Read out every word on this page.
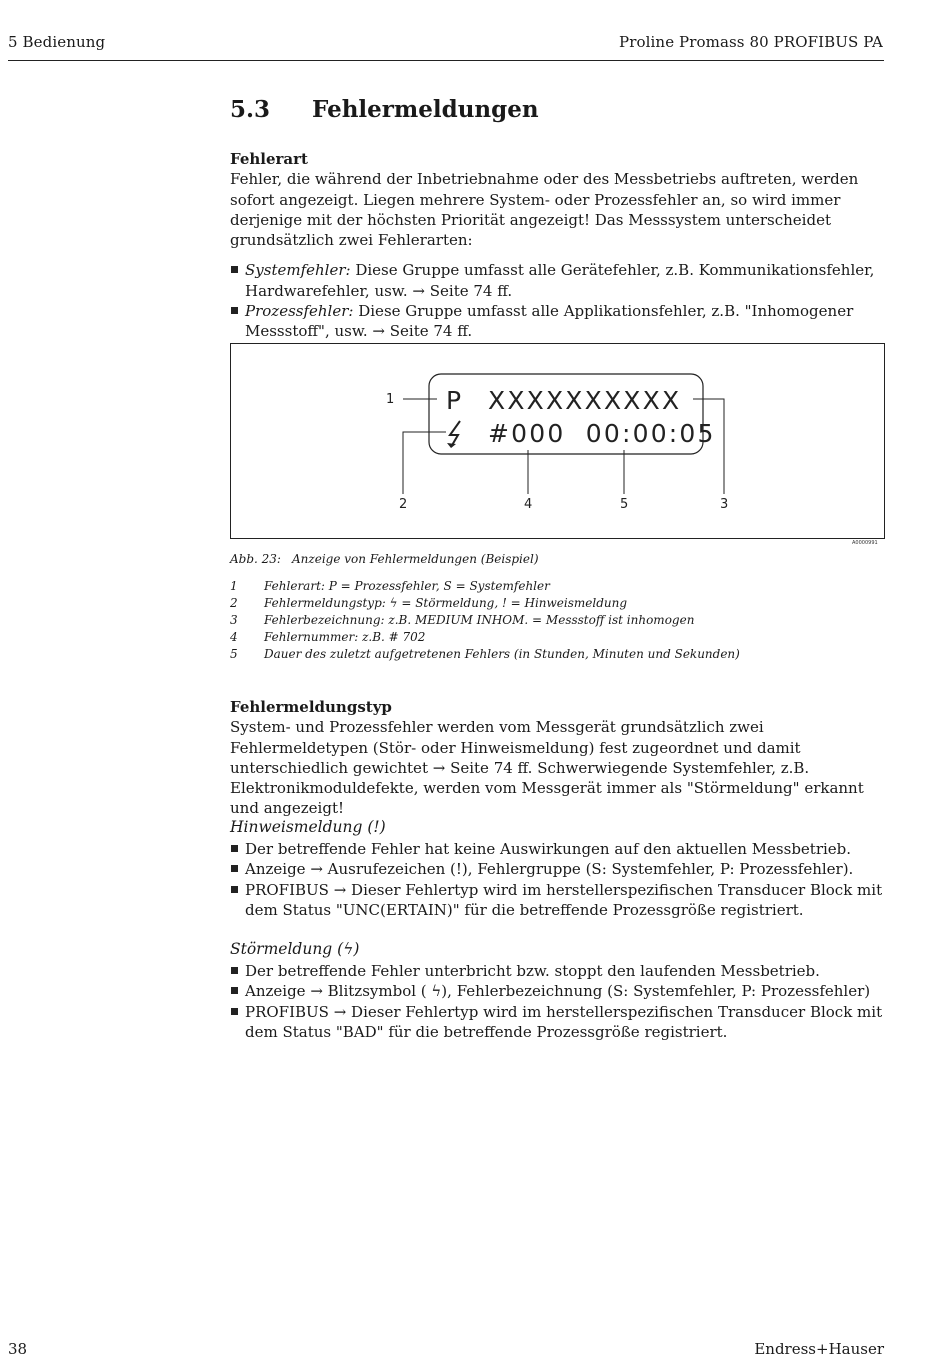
5 Bedienung	Proline Promass 80 PROFIBUS PA
5.3 Fehlermeldungen
Fehlerart
Fehler, die während der Inbetriebnahme oder des Messbetriebs auftreten, werden sofort angezeigt. Liegen mehrere System- oder Prozessfehler an, so wird immer derjenige mit der höchsten Priorität angezeigt! Das Messsystem unterscheidet grundsätzlich zwei Fehlerarten:
Systemfehler: Diese Gruppe umfasst alle Gerätefehler, z.B. Kommunikationsfehler, Hardwarefehler, usw. → Seite 74 ff.
Prozessfehler: Diese Gruppe umfasst alle Applikationsfehler, z.B. "Inhomogener Messstoff", usw. → Seite 74 ff.
P XXXXXXXXXX
#000  00:00:05
1
2	4	5	3
A0000991
Abb. 23: Anzeige von Fehlermeldungen (Beispiel)
1 Fehlerart: P = Prozessfehler, S = Systemfehler
2 Fehlermeldungstyp: ϟ = Störmeldung, ! = Hinweismeldung
3 Fehlerbezeichnung: z.B. MEDIUM INHOM. = Messstoff ist inhomogen
4 Fehlernummer: z.B. # 702
5 Dauer des zuletzt aufgetretenen Fehlers (in Stunden, Minuten und Sekunden)
Fehlermeldungstyp
System- und Prozessfehler werden vom Messgerät grundsätzlich zwei Fehlermeldetypen (Stör- oder Hinweismeldung) fest zugeordnet und damit unterschiedlich gewichtet → Seite 74 ff. Schwerwiegende Systemfehler, z.B. Elektronikmoduldefekte, werden vom Messgerät immer als "Störmeldung" erkannt und angezeigt!
Hinweismeldung (!)
Der betreffende Fehler hat keine Auswirkungen auf den aktuellen Messbetrieb.
Anzeige → Ausrufezeichen (!), Fehlergruppe (S: Systemfehler, P: Prozessfehler).
PROFIBUS → Dieser Fehlertyp wird im herstellerspezifischen Transducer Block mit dem Status "UNC(ERTAIN)" für die betreffende Prozessgröße registriert.
Störmeldung (ϟ)
Der betreffende Fehler unterbricht bzw. stoppt den laufenden Messbetrieb.
Anzeige → Blitzsymbol ( ϟ), Fehlerbezeichnung (S: Systemfehler, P: Prozessfehler)
PROFIBUS → Dieser Fehlertyp wird im herstellerspezifischen Transducer Block mit dem Status "BAD" für die betreffende Prozessgröße registriert.
38	Endress+Hauser
